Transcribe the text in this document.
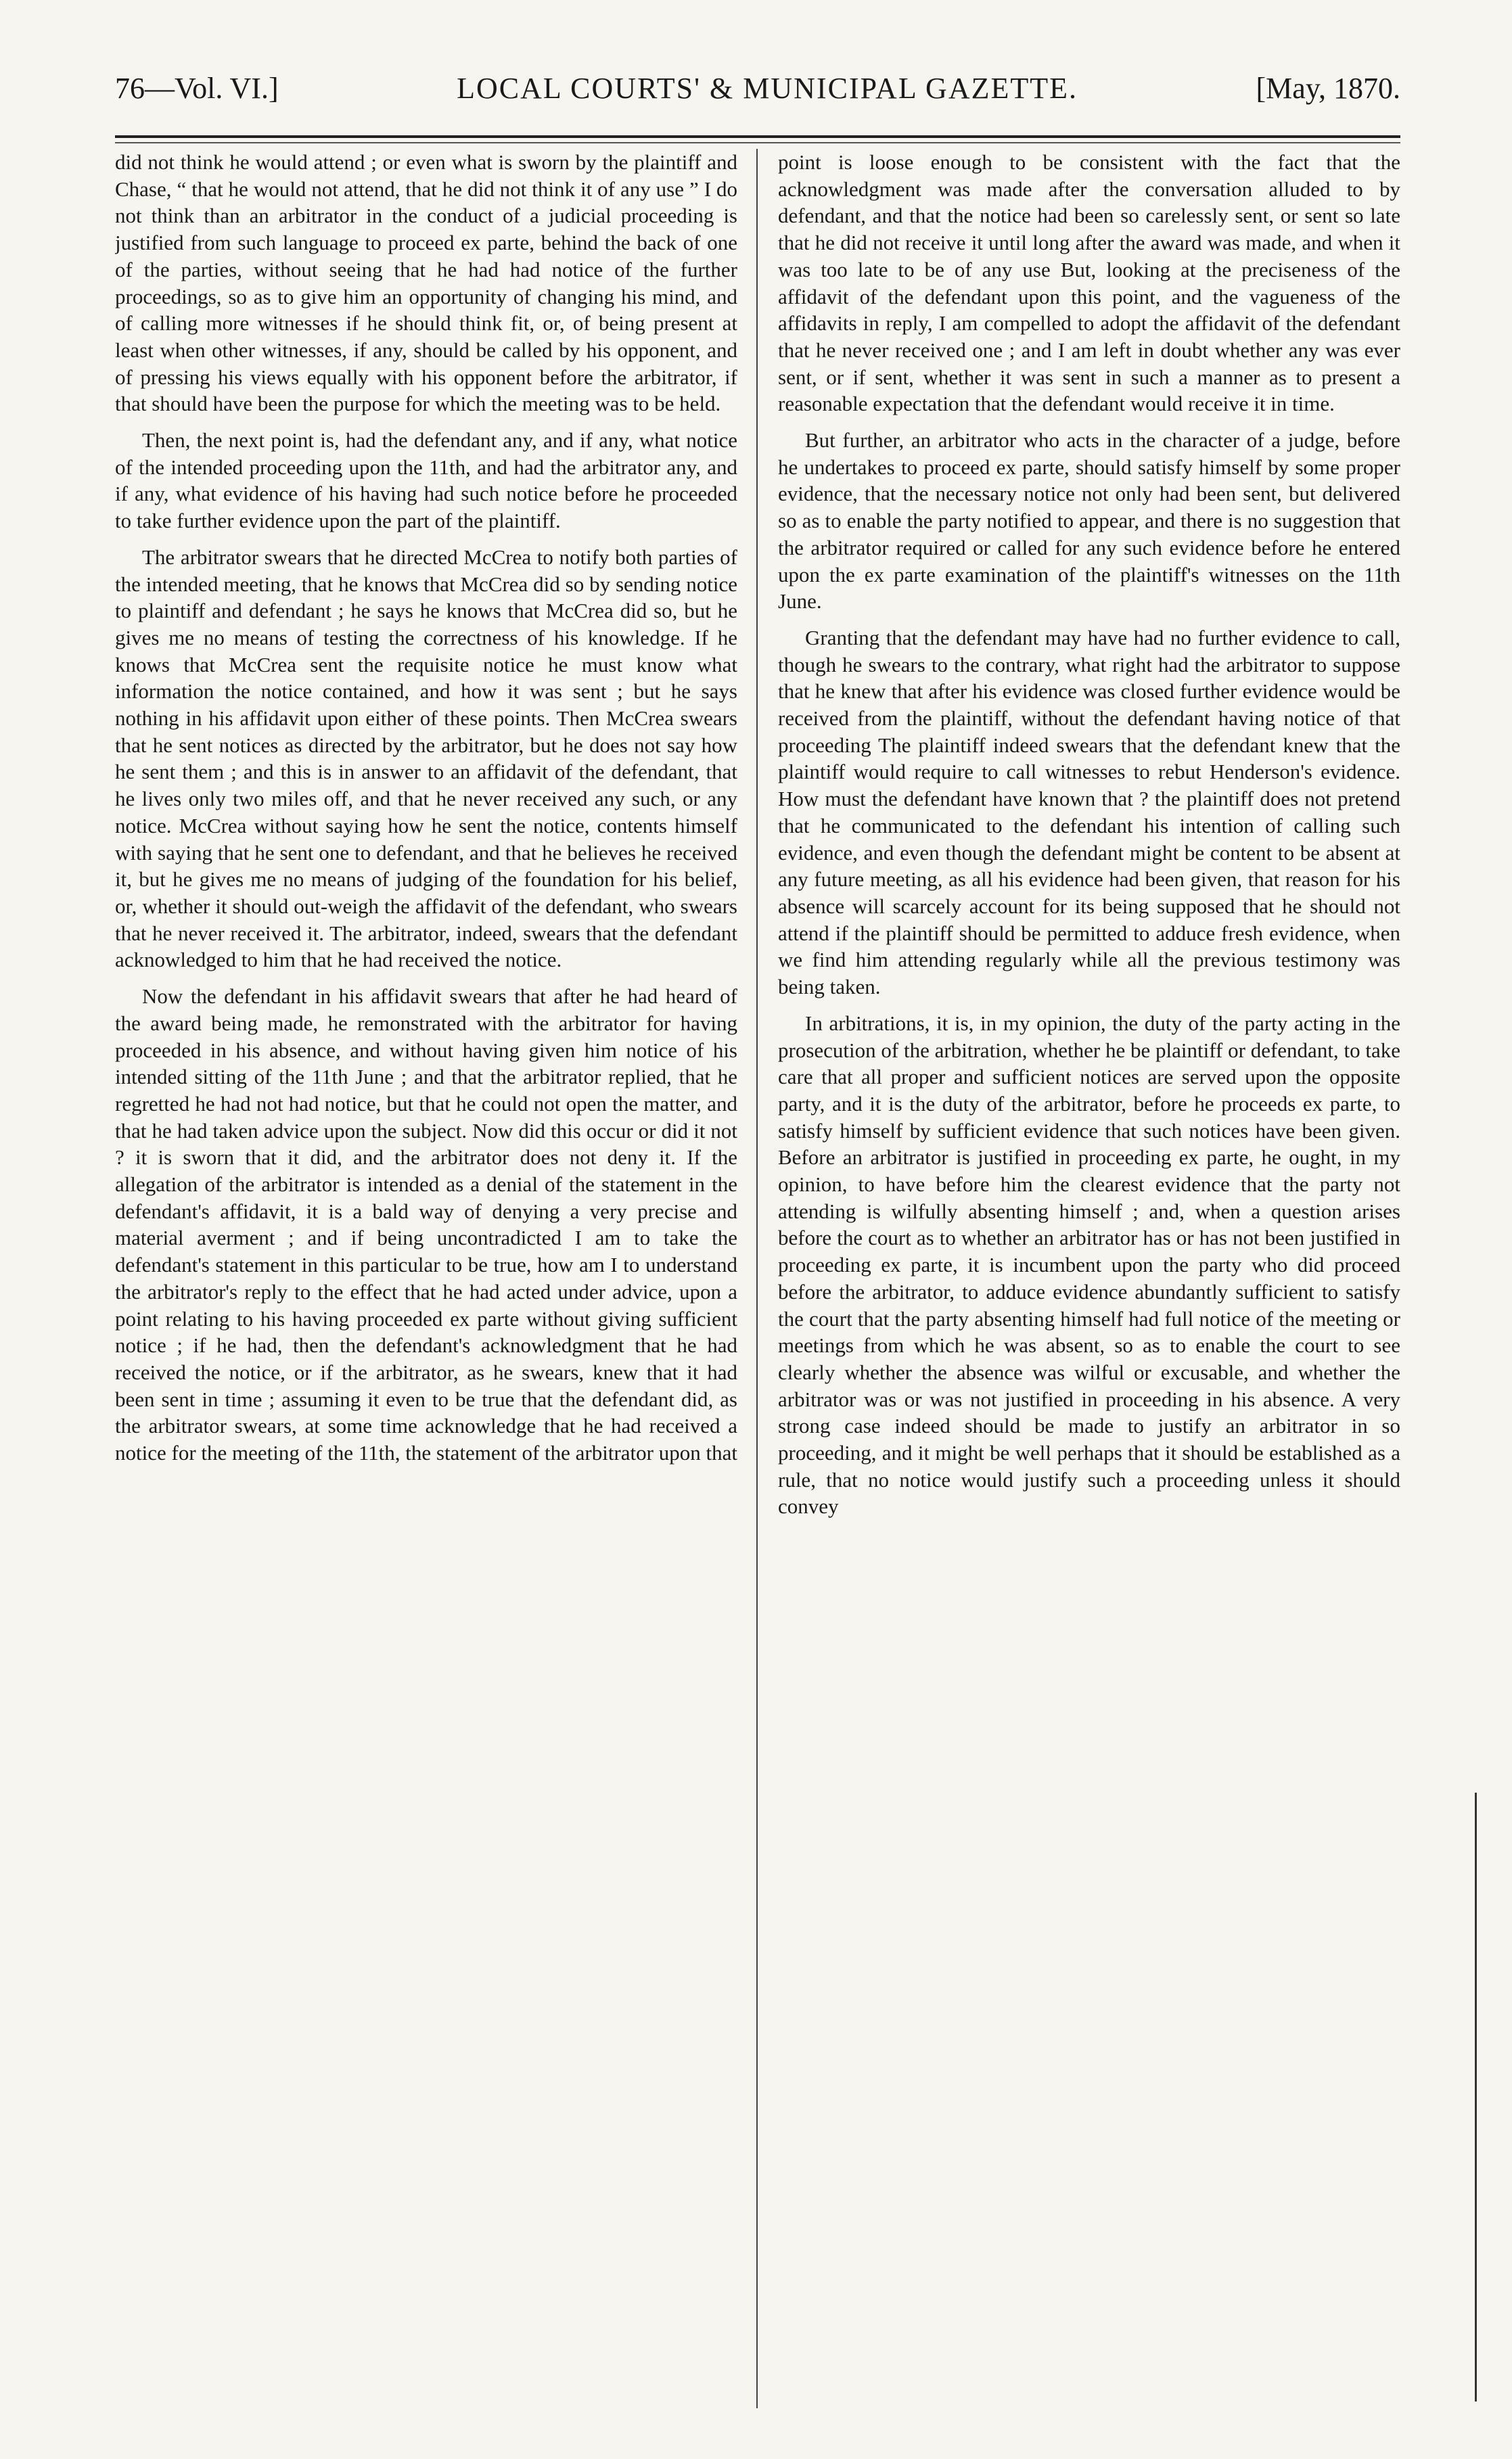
76—Vol. VI.]	LOCAL COURTS' & MUNICIPAL GAZETTE.	[May, 1870.

did not think he would attend ; or even what is sworn by the plaintiff and Chase, “ that he would not attend, that he did not think it of any use ” I do not think than an arbitrator in the conduct of a judicial proceeding is justified from such language to proceed ex parte, behind the back of one of the parties, without seeing that he had had notice of the further proceedings, so as to give him an opportunity of changing his mind, and of calling more witnesses if he should think fit, or, of being present at least when other witnesses, if any, should be called by his opponent, and of pressing his views equally with his opponent before the arbitrator, if that should have been the purpose for which the meeting was to be held.

Then, the next point is, had the defendant any, and if any, what notice of the intended proceeding upon the 11th, and had the arbitrator any, and if any, what evidence of his having had such notice before he proceeded to take further evidence upon the part of the plaintiff.

The arbitrator swears that he directed McCrea to notify both parties of the intended meeting, that he knows that McCrea did so by sending notice to plaintiff and defendant ; he says he knows that McCrea did so, but he gives me no means of testing the correctness of his knowledge. If he knows that McCrea sent the requisite notice he must know what information the notice contained, and how it was sent ; but he says nothing in his affidavit upon either of these points. Then McCrea swears that he sent notices as directed by the arbitrator, but he does not say how he sent them ; and this is in answer to an affidavit of the defendant, that he lives only two miles off, and that he never received any such, or any notice. McCrea without saying how he sent the notice, contents himself with saying that he sent one to defendant, and that he believes he received it, but he gives me no means of judging of the foundation for his belief, or, whether it should out-weigh the affidavit of the defendant, who swears that he never received it. The arbitrator, indeed, swears that the defendant acknowledged to him that he had received the notice.

Now the defendant in his affidavit swears that after he had heard of the award being made, he remonstrated with the arbitrator for having proceeded in his absence, and without having given him notice of his intended sitting of the 11th June ; and that the arbitrator replied, that he regretted he had not had notice, but that he could not open the matter, and that he had taken advice upon the subject. Now did this occur or did it not ? it is sworn that it did, and the arbitrator does not deny it. If the allegation of the arbitrator is intended as a denial of the statement in the defendant's affidavit, it is a bald way of denying a very precise and material averment ; and if being uncontradicted I am to take the defendant's statement in this particular to be true, how am I to understand the arbitrator's reply to the effect that he had acted under advice, upon a point relating to his having proceeded ex parte without giving sufficient notice ; if he had, then the defendant's acknowledgment that he had received the notice, or if the arbitrator, as he swears, knew that it had been sent in time ; assuming it even to be true that the defendant did, as the arbitrator swears, at some time acknowledge that he had received a notice for the meeting of the 11th, the statement of the arbitrator upon that

point is loose enough to be consistent with the fact that the acknowledgment was made after the conversation alluded to by defendant, and that the notice had been so carelessly sent, or sent so late that he did not receive it until long after the award was made, and when it was too late to be of any use But, looking at the preciseness of the affidavit of the defendant upon this point, and the vagueness of the affidavits in reply, I am compelled to adopt the affidavit of the defendant that he never received one ; and I am left in doubt whether any was ever sent, or if sent, whether it was sent in such a manner as to present a reasonable expectation that the defendant would receive it in time.

But further, an arbitrator who acts in the character of a judge, before he undertakes to proceed ex parte, should satisfy himself by some proper evidence, that the necessary notice not only had been sent, but delivered so as to enable the party notified to appear, and there is no suggestion that the arbitrator required or called for any such evidence before he entered upon the ex parte examination of the plaintiff's witnesses on the 11th June.

Granting that the defendant may have had no further evidence to call, though he swears to the contrary, what right had the arbitrator to suppose that he knew that after his evidence was closed further evidence would be received from the plaintiff, without the defendant having notice of that proceeding The plaintiff indeed swears that the defendant knew that the plaintiff would require to call witnesses to rebut Henderson's evidence. How must the defendant have known that ? the plaintiff does not pretend that he communicated to the defendant his intention of calling such evidence, and even though the defendant might be content to be absent at any future meeting, as all his evidence had been given, that reason for his absence will scarcely account for its being supposed that he should not attend if the plaintiff should be permitted to adduce fresh evidence, when we find him attending regularly while all the previous testimony was being taken.

In arbitrations, it is, in my opinion, the duty of the party acting in the prosecution of the arbitration, whether he be plaintiff or defendant, to take care that all proper and sufficient notices are served upon the opposite party, and it is the duty of the arbitrator, before he proceeds ex parte, to satisfy himself by sufficient evidence that such notices have been given. Before an arbitrator is justified in proceeding ex parte, he ought, in my opinion, to have before him the clearest evidence that the party not attending is wilfully absenting himself ; and, when a question arises before the court as to whether an arbitrator has or has not been justified in proceeding ex parte, it is incumbent upon the party who did proceed before the arbitrator, to adduce evidence abundantly sufficient to satisfy the court that the party absenting himself had full notice of the meeting or meetings from which he was absent, so as to enable the court to see clearly whether the absence was wilful or excusable, and whether the arbitrator was or was not justified in proceeding in his absence. A very strong case indeed should be made to justify an arbitrator in so proceeding, and it might be well perhaps that it should be established as a rule, that no notice would justify such a proceeding unless it should convey
